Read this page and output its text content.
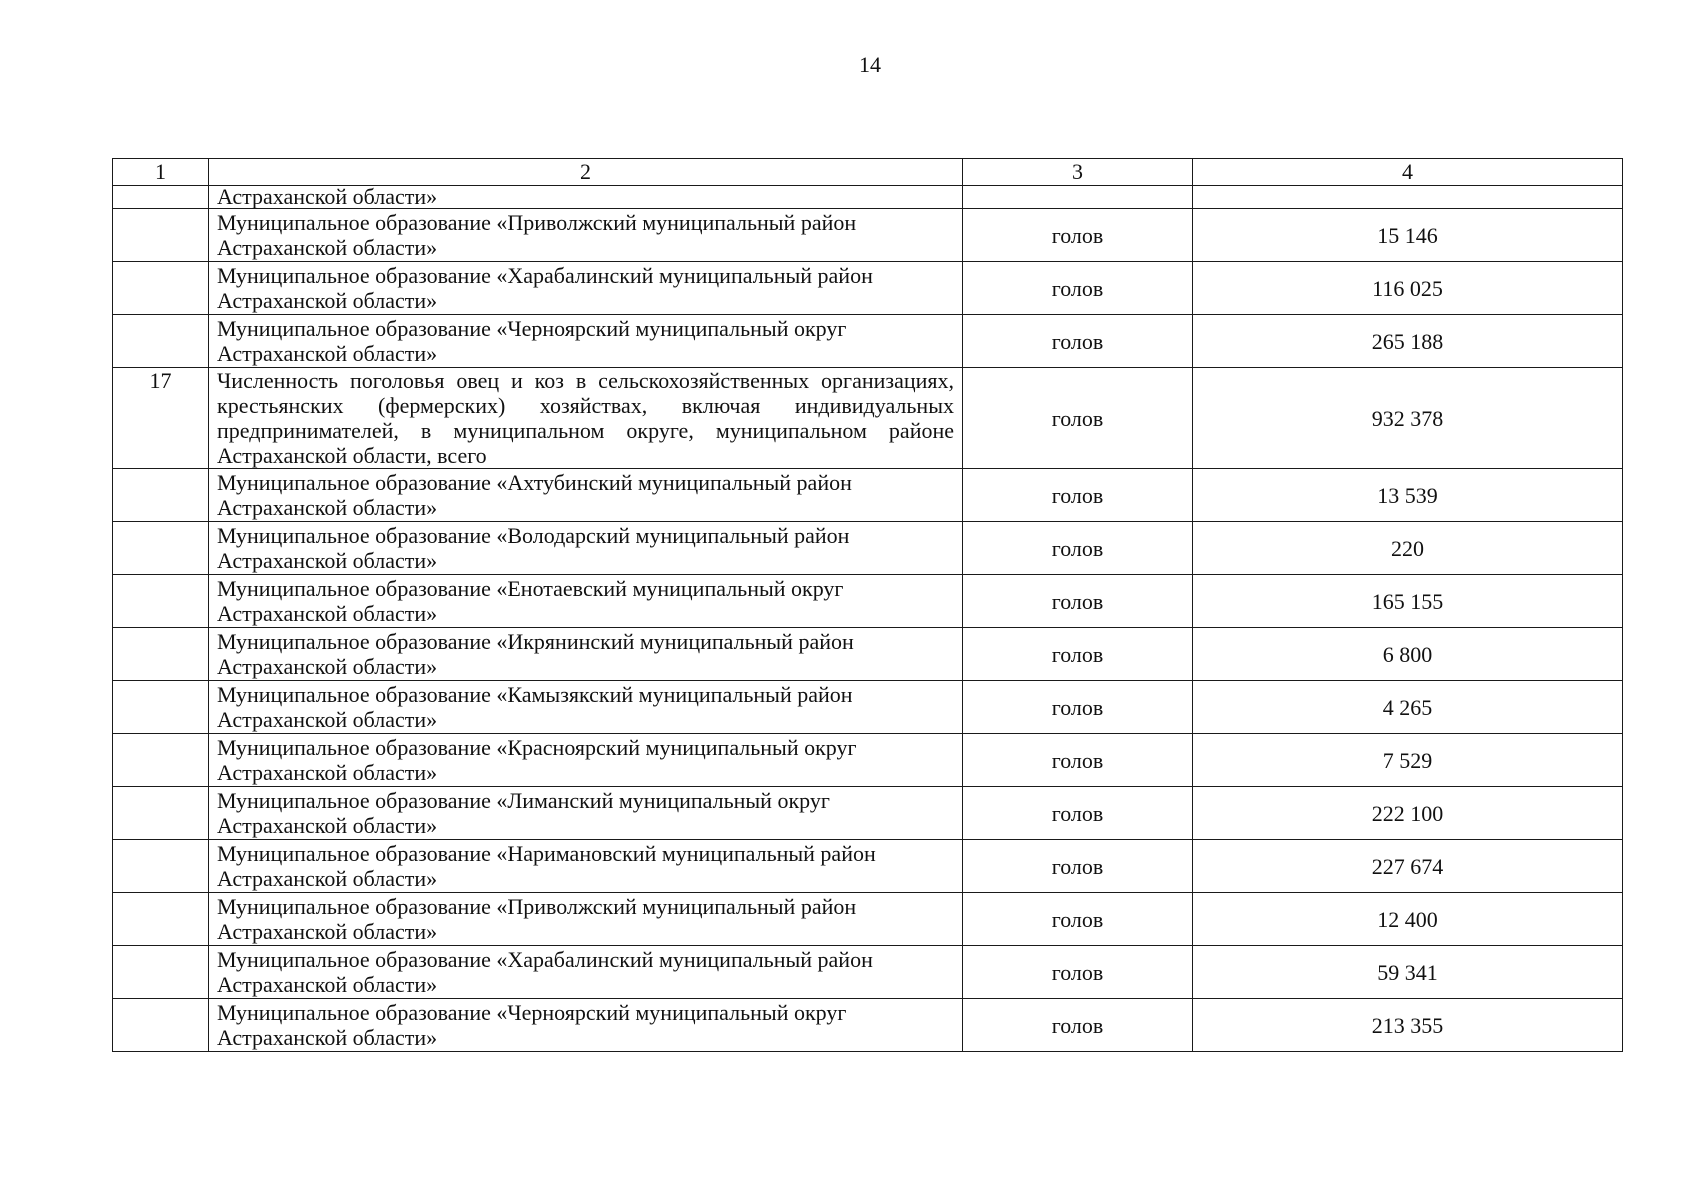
14
1	2	3	4
	Астраханской области»		
	Муниципальное образование «Приволжский муниципальный район Астраханской области»	голов	15 146
	Муниципальное образование «Харабалинский муниципальный район Астраханской области»	голов	116 025
	Муниципальное образование «Черноярский муниципальный округ Астраханской области»	голов	265 188
17	Численность поголовья овец и коз в сельскохозяйственных организациях, крестьянских (фермерских) хозяйствах, включая индивидуальных предпринимателей, в муниципальном округе, муниципальном районе Астраханской области, всего	голов	932 378
	Муниципальное образование «Ахтубинский муниципальный район Астраханской области»	голов	13 539
	Муниципальное образование «Володарский муниципальный район Астраханской области»	голов	220
	Муниципальное образование «Енотаевский муниципальный округ Астраханской области»	голов	165 155
	Муниципальное образование «Икрянинский муниципальный район Астраханской области»	голов	6 800
	Муниципальное образование «Камызякский муниципальный район Астраханской области»	голов	4 265
	Муниципальное образование «Красноярский муниципальный округ Астраханской области»	голов	7 529
	Муниципальное образование «Лиманский муниципальный округ Астраханской области»	голов	222 100
	Муниципальное образование «Наримановский муниципальный район Астраханской области»	голов	227 674
	Муниципальное образование «Приволжский муниципальный район Астраханской области»	голов	12 400
	Муниципальное образование «Харабалинский муниципальный район Астраханской области»	голов	59 341
	Муниципальное образование «Черноярский муниципальный округ Астраханской области»	голов	213 355
